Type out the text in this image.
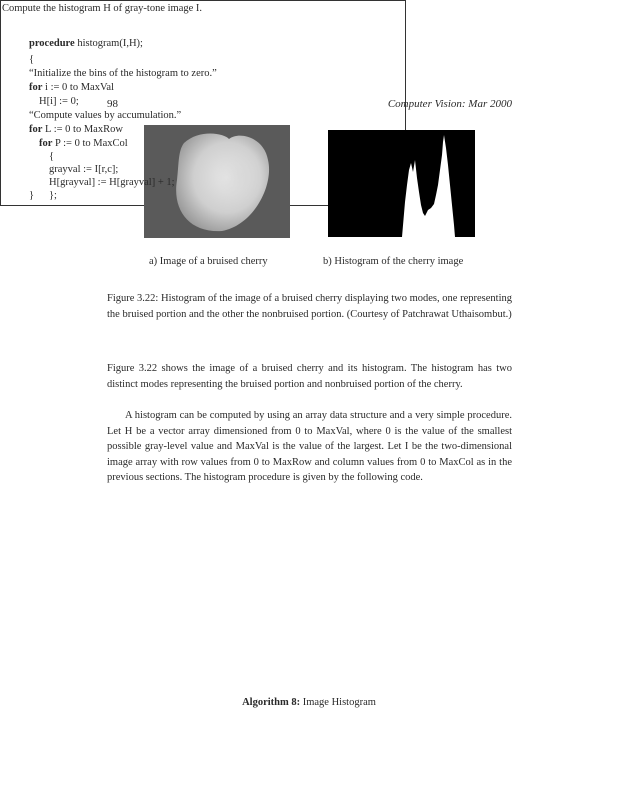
98	Computer Vision: Mar 2000
a) Image of a bruised cherry	b) Histogram of the cherry image

Figure 3.22: Histogram of the image of a bruised cherry displaying two modes, one representing the bruised portion and the other the nonbruised portion. (Courtesy of Patchrawat Uthaisombut.)

Figure 3.22 shows the image of a bruised cherry and its histogram. The histogram has two distinct modes representing the bruised portion and nonbruised portion of the cherry.

A histogram can be computed by using an array data structure and a very simple procedure. Let H be a vector array dimensioned from 0 to MaxVal, where 0 is the value of the smallest possible gray-level value and MaxVal is the value of the largest. Let I be the two-dimensional image array with row values from 0 to MaxRow and column values from 0 to MaxCol as in the previous sections. The histogram procedure is given by the following code.

Compute the histogram H of gray-tone image I.
procedure histogram(I,H);
{
“Initialize the bins of the histogram to zero.”
for i := 0 to MaxVal
H[i] := 0;
“Compute values by accumulation.”
for L := 0 to MaxRow
for P := 0 to MaxCol
{
grayval := I[r,c];
H[grayval] := H[grayval] + 1;
};
}
Algorithm 8: Image Histogram
